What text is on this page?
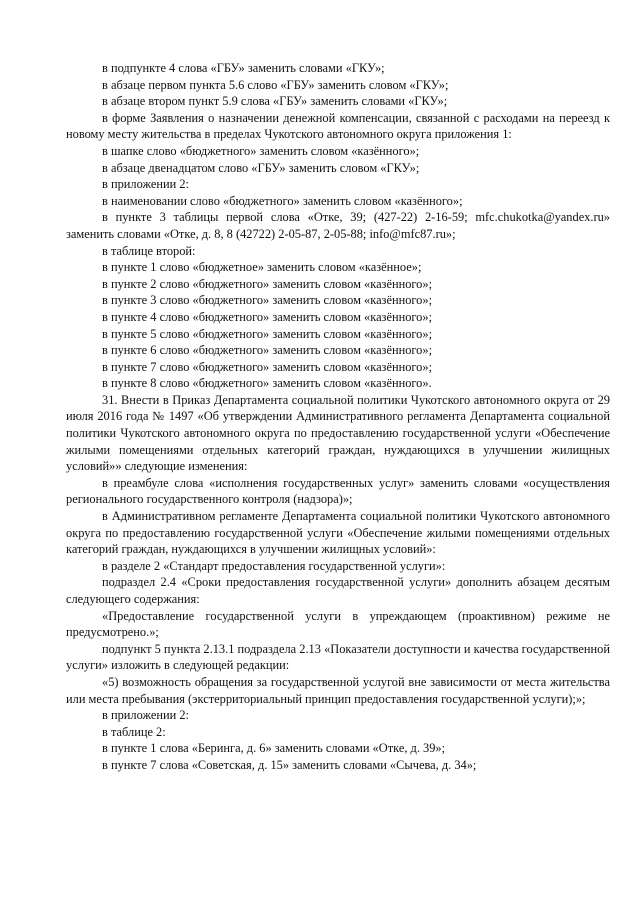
в подпункте 4 слова «ГБУ» заменить словами «ГКУ»;

в абзаце первом пункта 5.6 слово «ГБУ» заменить словом «ГКУ»;

в абзаце втором пункт 5.9 слова «ГБУ» заменить словами «ГКУ»;

в форме Заявления о назначении денежной компенсации, связанной с расходами на переезд к новому месту жительства в пределах Чукотского автономного округа приложения 1:

в шапке слово «бюджетного» заменить словом «казённого»;

в абзаце двенадцатом слово «ГБУ» заменить словом «ГКУ»;

в приложении 2:

в наименовании слово «бюджетного» заменить словом «казённого»;

в пункте 3 таблицы первой слова «Отке, 39; (427-22) 2-16-59; mfc.chukotka@yandex.ru» заменить словами «Отке, д. 8, 8 (42722) 2-05-87, 2-05-88; info@mfc87.ru»;

в таблице второй:

в пункте 1 слово «бюджетное» заменить словом «казённое»;

в пункте 2 слово «бюджетного» заменить словом «казённого»;

в пункте 3 слово «бюджетного» заменить словом «казённого»;

в пункте 4 слово «бюджетного» заменить словом «казённого»;

в пункте 5 слово «бюджетного» заменить словом «казённого»;

в пункте 6 слово «бюджетного» заменить словом «казённого»;

в пункте 7 слово «бюджетного» заменить словом «казённого»;

в пункте 8 слово «бюджетного» заменить словом «казённого».

31. Внести в Приказ Департамента социальной политики Чукотского автономного округа от 29 июля 2016 года № 1497 «Об утверждении Административного регламента Департамента социальной политики Чукотского автономного округа по предоставлению государственной услуги «Обеспечение жилыми помещениями отдельных категорий граждан, нуждающихся в улучшении жилищных условий»» следующие изменения:

в преамбуле слова «исполнения государственных услуг» заменить словами «осуществления регионального государственного контроля (надзора)»;

в Административном регламенте Департамента социальной политики Чукотского автономного округа по предоставлению государственной услуги «Обеспечение жилыми помещениями отдельных категорий граждан, нуждающихся в улучшении жилищных условий»:

в разделе 2 «Стандарт предоставления государственной услуги»:

подраздел 2.4 «Сроки предоставления государственной услуги» дополнить абзацем десятым следующего содержания:

«Предоставление государственной услуги в упреждающем (проактивном) режиме не предусмотрено.»;

подпункт 5 пункта 2.13.1 подраздела 2.13 «Показатели доступности и качества государственной услуги» изложить в следующей редакции:

«5) возможность обращения за государственной услугой вне зависимости от места жительства или места пребывания (экстерриториальный принцип предоставления государственной услуги);»;

в приложении 2:

в таблице 2:

в пункте 1 слова «Беринга, д. 6» заменить словами «Отке, д. 39»;

в пункте 7 слова «Советская, д. 15» заменить словами «Сычева, д. 34»;
